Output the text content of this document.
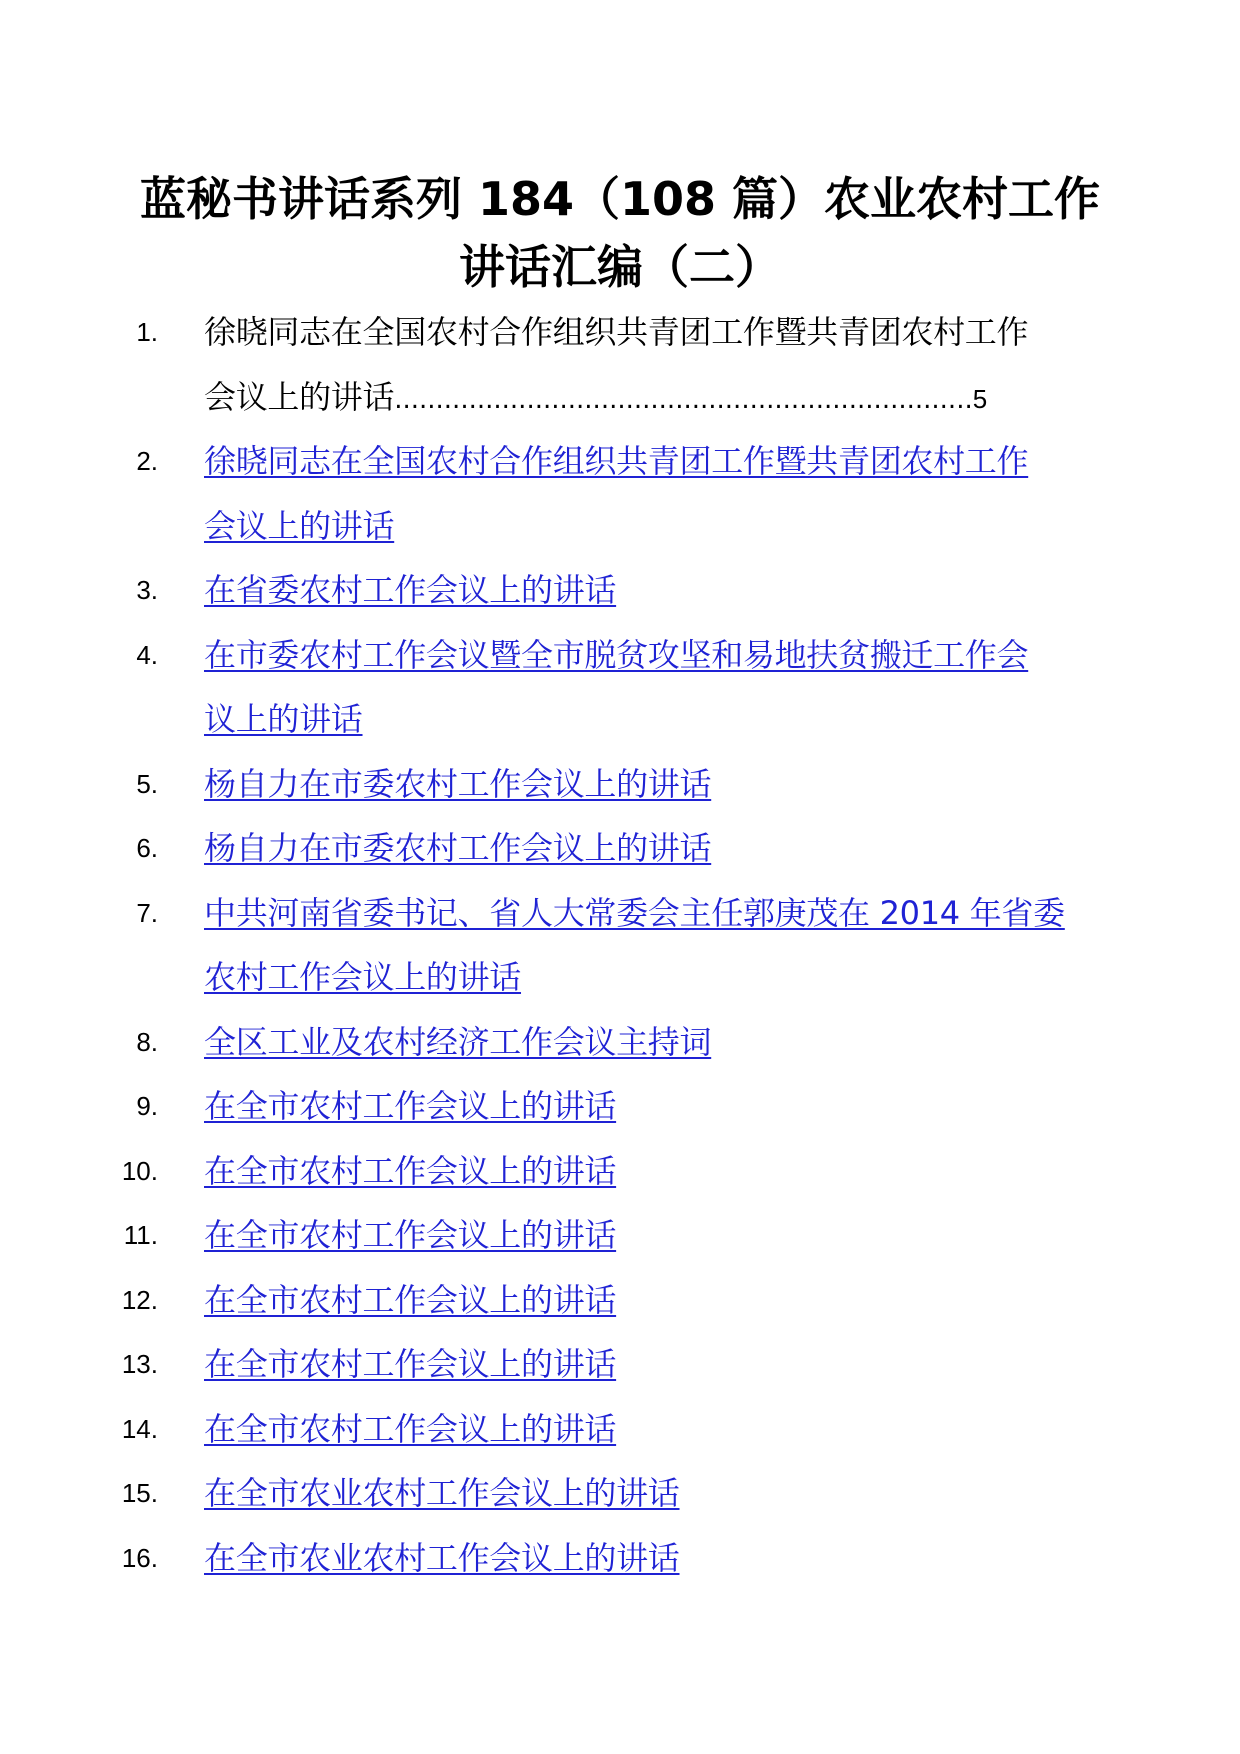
蓝秘书讲话系列 184（108 篇）农业农村工作
讲话汇编（二）
1. 徐晓同志在全国农村合作组织共青团工作暨共青团农村工作
会议上的讲话......................................................................5
2. 徐晓同志在全国农村合作组织共青团工作暨共青团农村工作
会议上的讲话
3. 在省委农村工作会议上的讲话
4. 在市委农村工作会议暨全市脱贫攻坚和易地扶贫搬迁工作会
议上的讲话
5. 杨自力在市委农村工作会议上的讲话
6. 杨自力在市委农村工作会议上的讲话
7. 中共河南省委书记、省人大常委会主任郭庚茂在 2014 年省委
农村工作会议上的讲话
8. 全区工业及农村经济工作会议主持词
9. 在全市农村工作会议上的讲话
10. 在全市农村工作会议上的讲话
11. 在全市农村工作会议上的讲话
12. 在全市农村工作会议上的讲话
13. 在全市农村工作会议上的讲话
14. 在全市农村工作会议上的讲话
15. 在全市农业农村工作会议上的讲话
16. 在全市农业农村工作会议上的讲话
